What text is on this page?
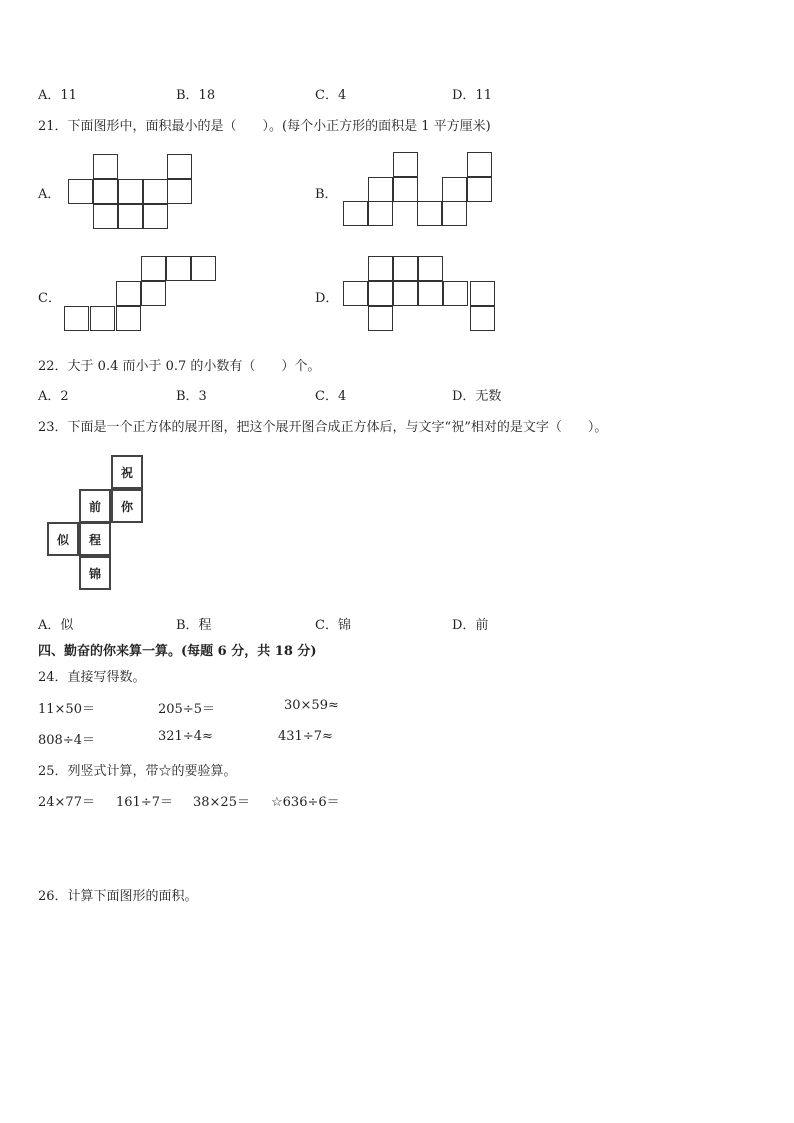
A．11	B．18	C．4	D．11
21．下面图形中，面积最小的是（　　）。(每个小正方形的面积是 1 平方厘米)
A．	B．
C．	D．
22．大于 0.4 而小于 0.7 的小数有（　　）个。
A．2	B．3	C．4	D．无数
23．下面是一个正方体的展开图，把这个展开图合成正方体后，与文字“祝”相对的是文字（　　）。
祝
前	你
似	程
锦
A．似	B．程	C．锦	D．前
四、勤奋的你来算一算。(每题 6 分，共 18 分)
24．直接写得数。
11×50＝	205÷5＝	30×59≈
808÷4＝	321÷4≈	431÷7≈
25．列竖式计算，带☆的要验算。
24×77＝ 161÷7＝ 38×25＝ ☆636÷6＝
26．计算下面图形的面积。
